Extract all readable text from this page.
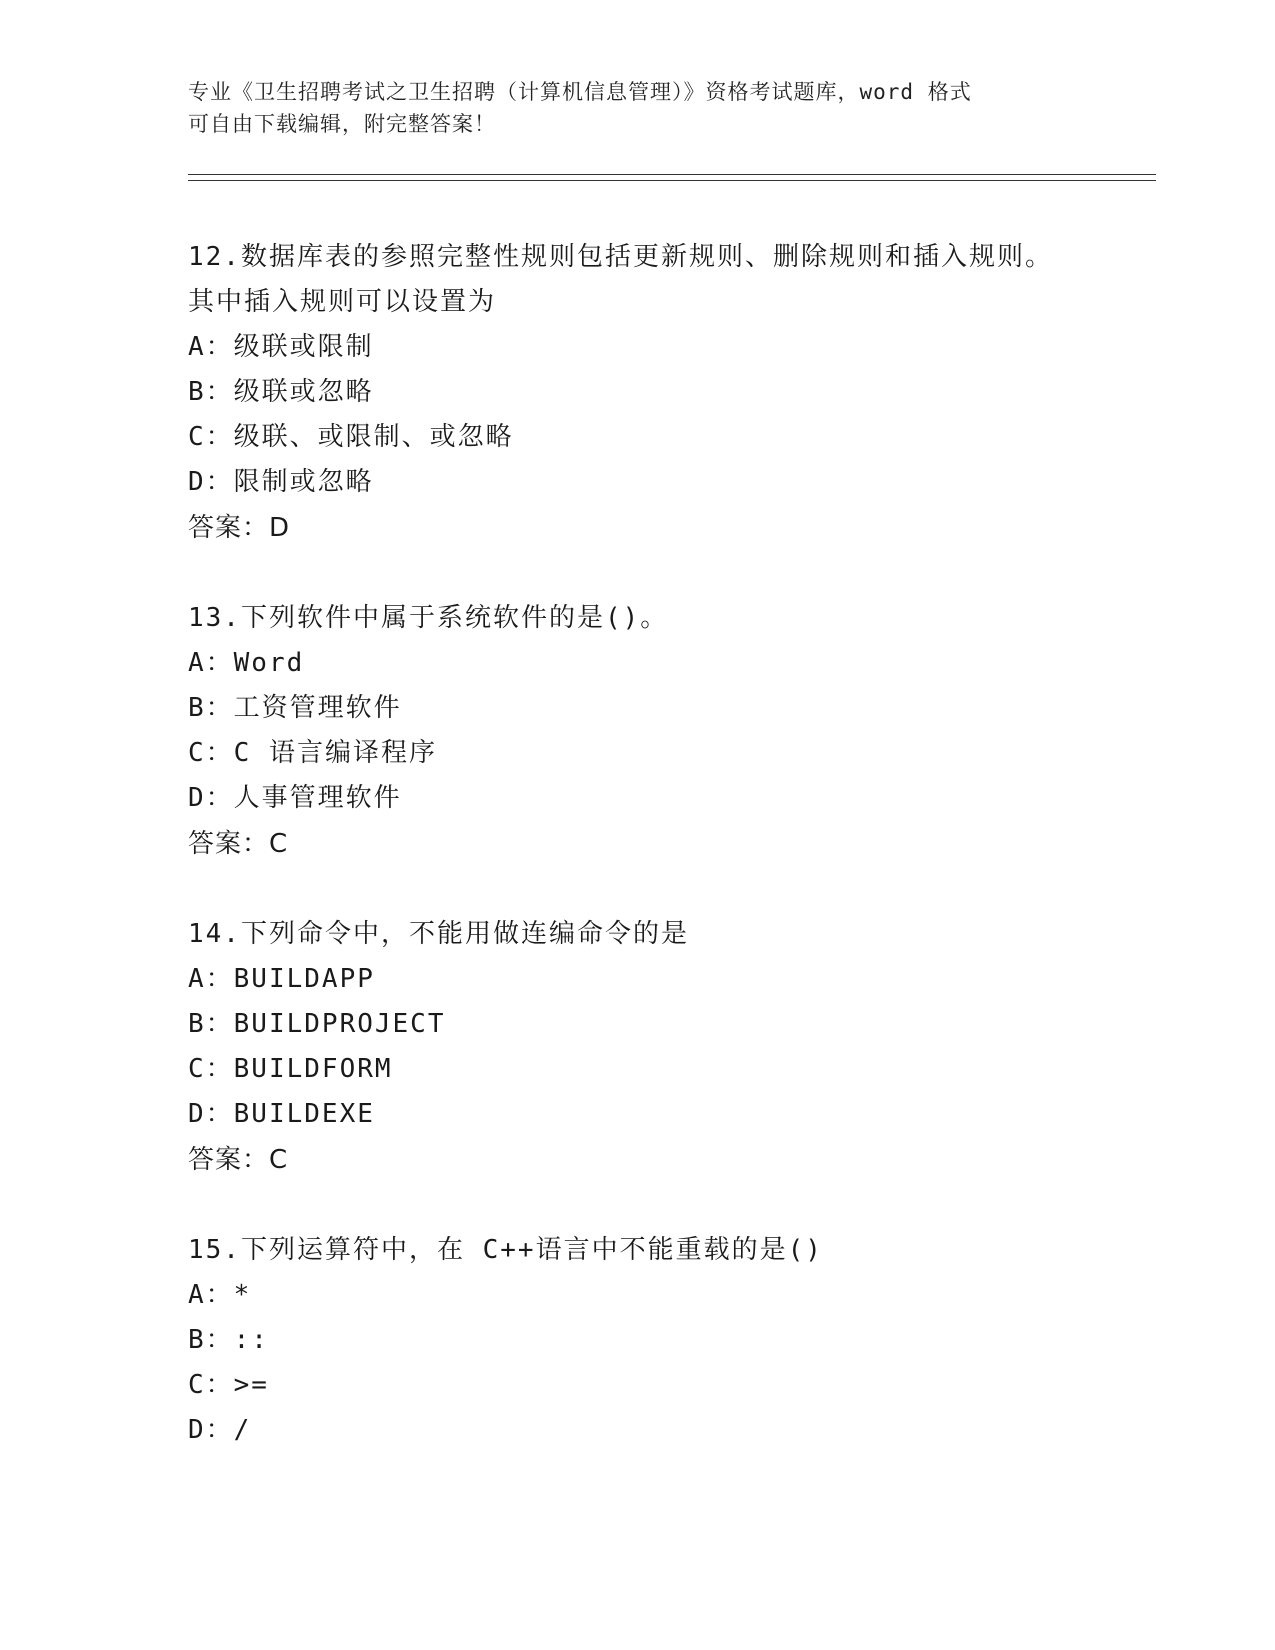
专业《卫生招聘考试之卫生招聘（计算机信息管理）》资格考试题库，word 格式
可自由下载编辑，附完整答案！
12.数据库表的参照完整性规则包括更新规则、删除规则和插入规则。
其中插入规则可以设置为
A：级联或限制
B：级联或忽略
C：级联、或限制、或忽略
D：限制或忽略
答案：D
13.下列软件中属于系统软件的是()。
A：Word
B：工资管理软件
C：C 语言编译程序
D：人事管理软件
答案：C
14.下列命令中，不能用做连编命令的是
A：BUILDAPP
B：BUILDPROJECT
C：BUILDFORM
D：BUILDEXE
答案：C
15.下列运算符中，在 C++语言中不能重载的是()
A：*
B：::
C：>=
D：/
